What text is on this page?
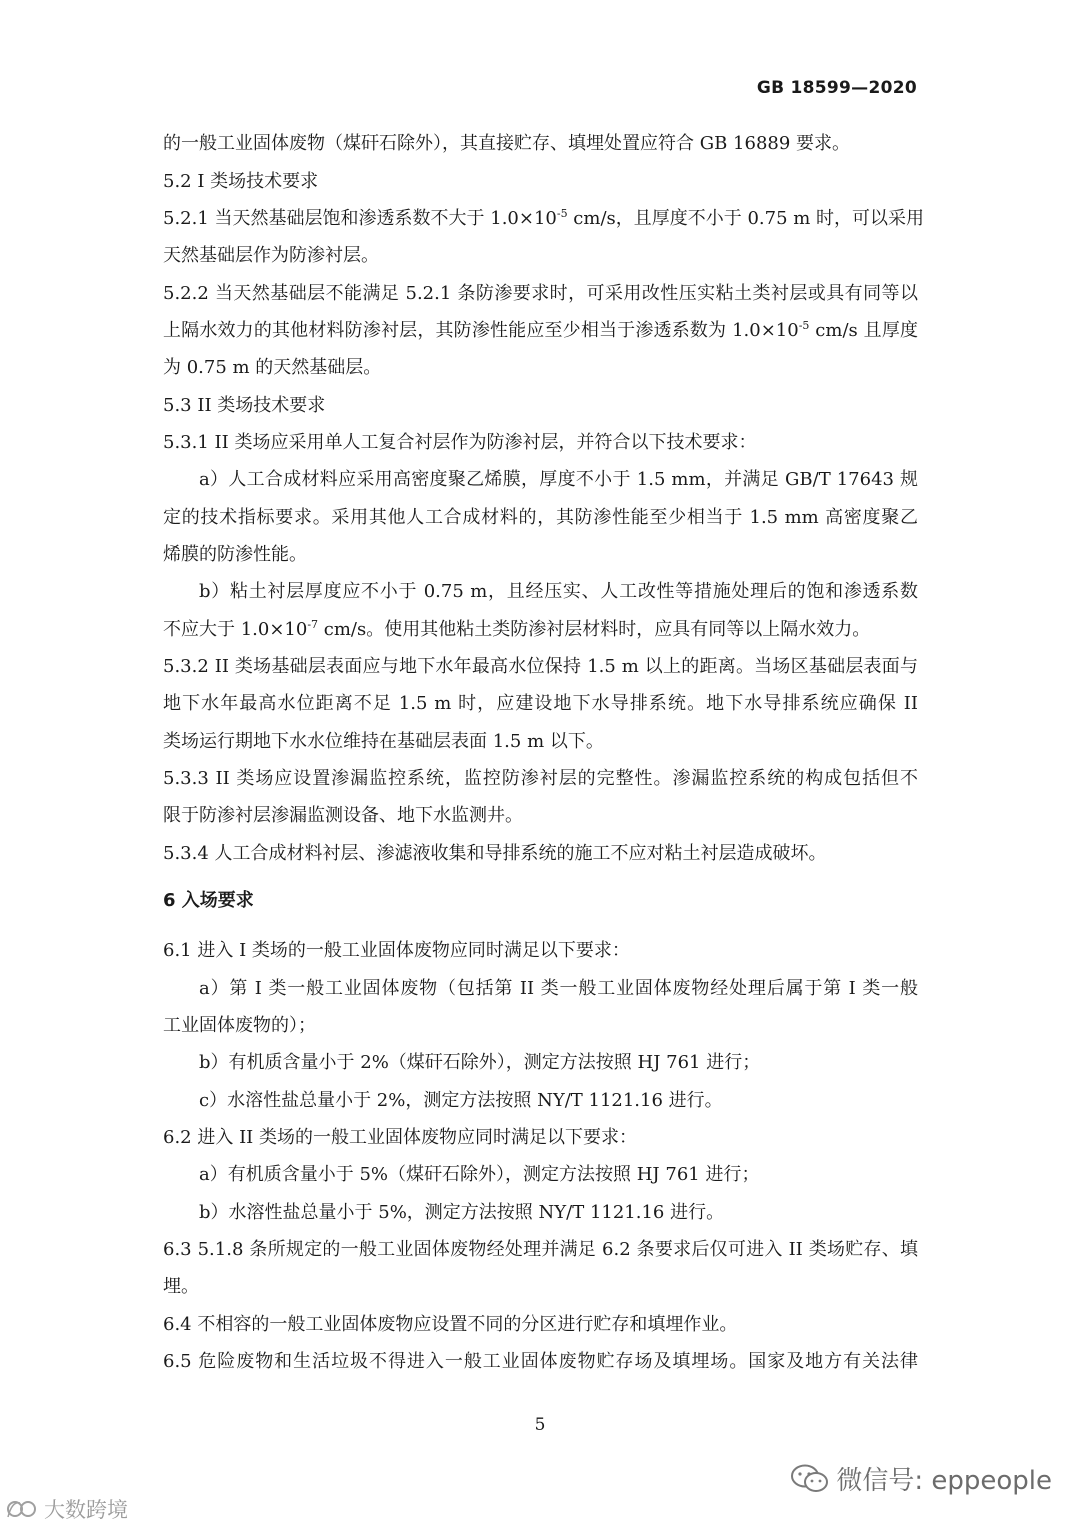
GB 18599—2020
的一般工业固体废物（煤矸石除外），其直接贮存、填埋处置应符合 GB 16889 要求。
5.2 I 类场技术要求
5.2.1 当天然基础层饱和渗透系数不大于 $1.0\times 10^{-5}$ cm/s，且厚度不小于 0.75 m 时，可以采用
天然基础层作为防渗衬层。
5.2.2 当天然基础层不能满足 5.2.1 条防渗要求时，可采用改性压实粘土类衬层或具有同等以
上隔水效力的其他材料防渗衬层，其防渗性能应至少相当于渗透系数为 $1.0\times 10^{-5}$ cm/s 且厚度
为 0.75 m 的天然基础层。
5.3 II 类场技术要求
5.3.1 II 类场应采用单人工复合衬层作为防渗衬层，并符合以下技术要求：
a）人工合成材料应采用高密度聚乙烯膜，厚度不小于 1.5 mm，并满足 GB/T 17643 规
定的技术指标要求。采用其他人工合成材料的，其防渗性能至少相当于 1.5 mm 高密度聚乙
烯膜的防渗性能。
b）粘土衬层厚度应不小于 0.75 m，且经压实、人工改性等措施处理后的饱和渗透系数
不应大于 $1.0\times 10^{-7}$ cm/s。使用其他粘土类防渗衬层材料时，应具有同等以上隔水效力。
5.3.2 II 类场基础层表面应与地下水年最高水位保持 1.5 m 以上的距离。当场区基础层表面与
地下水年最高水位距离不足 1.5 m 时，应建设地下水导排系统。地下水导排系统应确保 II
类场运行期地下水水位维持在基础层表面 1.5 m 以下。
5.3.3 II 类场应设置渗漏监控系统，监控防渗衬层的完整性。渗漏监控系统的构成包括但不
限于防渗衬层渗漏监测设备、地下水监测井。
5.3.4 人工合成材料衬层、渗滤液收集和导排系统的施工不应对粘土衬层造成破坏。
6 入场要求
6.1 进入 I 类场的一般工业固体废物应同时满足以下要求：
a）第 I 类一般工业固体废物（包括第 II 类一般工业固体废物经处理后属于第 I 类一般
工业固体废物的）；
b）有机质含量小于 2%（煤矸石除外），测定方法按照 HJ 761 进行；
c）水溶性盐总量小于 2%，测定方法按照 NY/T 1121.16 进行。
6.2 进入 II 类场的一般工业固体废物应同时满足以下要求：
a）有机质含量小于 5%（煤矸石除外），测定方法按照 HJ 761 进行；
b）水溶性盐总量小于 5%，测定方法按照 NY/T 1121.16 进行。
6.3 5.1.8 条所规定的一般工业固体废物经处理并满足 6.2 条要求后仅可进入 II 类场贮存、填
埋。
6.4 不相容的一般工业固体废物应设置不同的分区进行贮存和填埋作业。
6.5 危险废物和生活垃圾不得进入一般工业固体废物贮存场及填埋场。国家及地方有关法律
5
微信号: eppeople
大数跨境
